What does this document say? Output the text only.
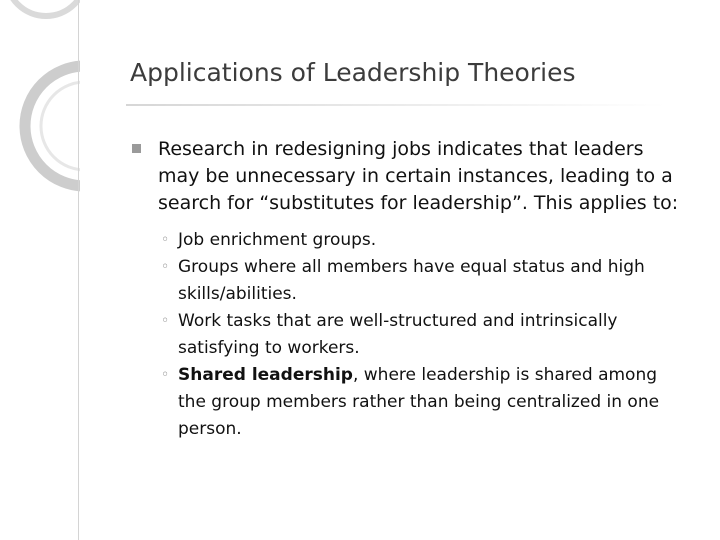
Applications of Leadership Theories
Research in redesigning jobs indicates that leaders may be unnecessary in certain instances, leading to a search for “substitutes for leadership”. This applies to:
◦ Job enrichment groups.
◦ Groups where all members have equal status and high skills/abilities.
◦ Work tasks that are well-structured and intrinsically satisfying to workers.
◦ Shared leadership, where leadership is shared among the group members rather than being centralized in one person.
